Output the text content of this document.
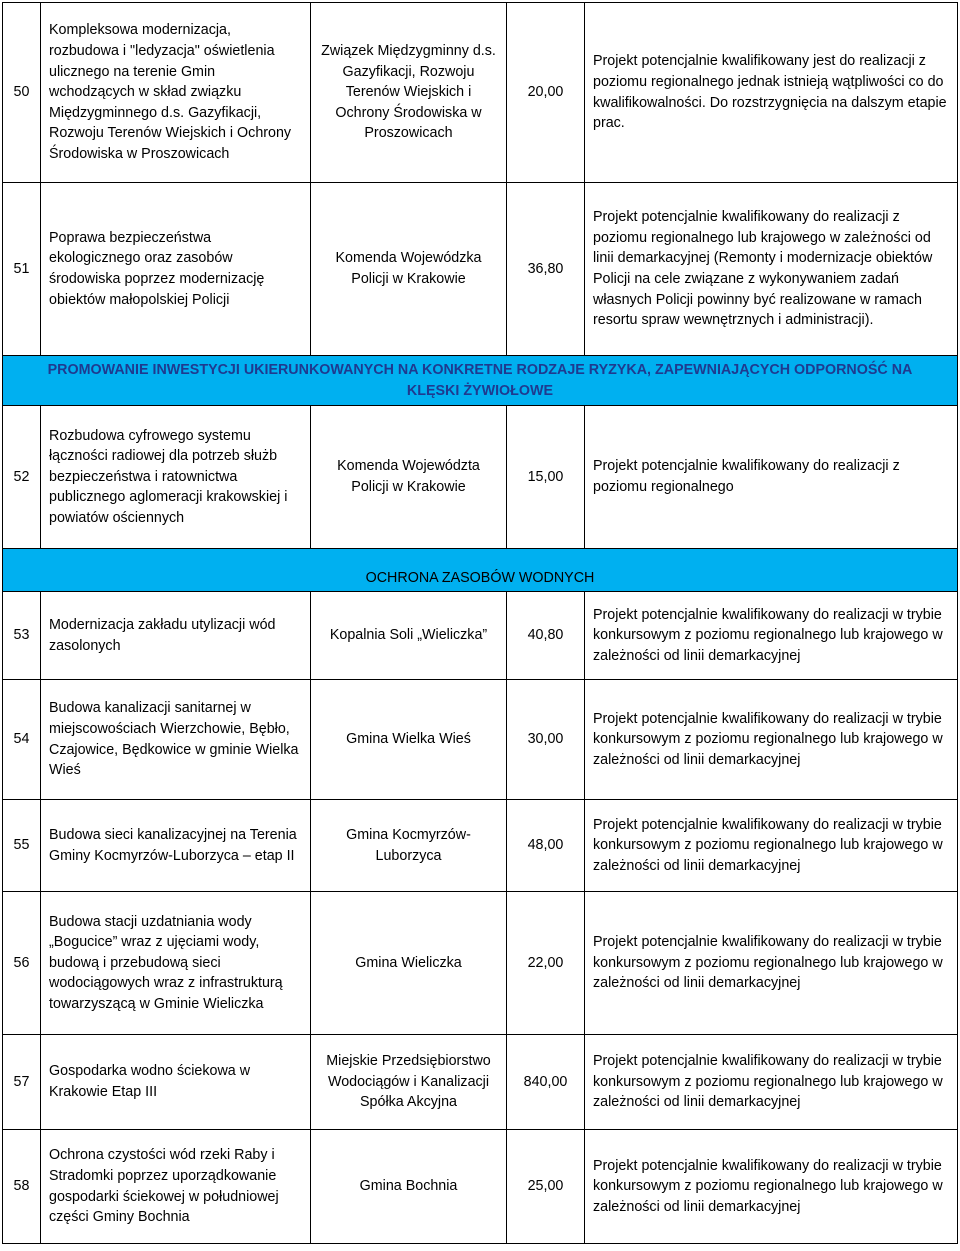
50	Kompleksowa modernizacja, rozbudowa i "ledyzacja" oświetlenia ulicznego na terenie Gmin wchodzących w skład związku Międzygminnego d.s. Gazyfikacji, Rozwoju Terenów Wiejskich i Ochrony Środowiska w Proszowicach	Związek Międzygminny d.s. Gazyfikacji, Rozwoju Terenów Wiejskich i Ochrony Środowiska w Proszowicach	20,00	Projekt potencjalnie kwalifikowany jest do realizacji z poziomu regionalnego jednak istnieją wątpliwości co do kwalifikowalności. Do rozstrzygnięcia na dalszym etapie prac.
51	Poprawa bezpieczeństwa ekologicznego oraz zasobów środowiska poprzez modernizację obiektów małopolskiej Policji	Komenda Wojewódzka Policji w Krakowie	36,80	Projekt potencjalnie kwalifikowany do realizacji z poziomu regionalnego lub krajowego w zależności od linii demarkacyjnej (Remonty i modernizacje obiektów Policji na cele związane z wykonywaniem zadań własnych Policji powinny być realizowane w ramach resortu spraw wewnętrznych i administracji).
PROMOWANIE INWESTYCJI UKIERUNKOWANYCH NA KONKRETNE RODZAJE RYZYKA, ZAPEWNIAJĄCYCH ODPORNOŚĆ NA KLĘSKI ŻYWIOŁOWE				
52	Rozbudowa cyfrowego systemu łączności radiowej dla potrzeb służb bezpieczeństwa i ratownictwa publicznego aglomeracji krakowskiej i powiatów ościennych	Komenda Województa Policji w Krakowie	15,00	Projekt potencjalnie kwalifikowany do realizacji z poziomu regionalnego
OCHRONA ZASOBÓW WODNYCH				
53	Modernizacja zakładu utylizacji wód zasolonych	Kopalnia Soli „Wieliczka”	40,80	Projekt potencjalnie kwalifikowany do realizacji w trybie konkursowym z poziomu regionalnego lub krajowego w zależności od linii demarkacyjnej
54	Budowa kanalizacji sanitarnej w miejscowościach Wierzchowie, Bębło, Czajowice, Będkowice w gminie Wielka Wieś	Gmina Wielka Wieś	30,00	Projekt potencjalnie kwalifikowany do realizacji w trybie konkursowym z poziomu regionalnego lub krajowego w zależności od linii demarkacyjnej
55	Budowa sieci kanalizacyjnej na Terenia Gminy Kocmyrzów-Luborzyca – etap II	Gmina Kocmyrzów-Luborzyca	48,00	Projekt potencjalnie kwalifikowany do realizacji w trybie konkursowym z poziomu regionalnego lub krajowego w zależności od linii demarkacyjnej
56	Budowa stacji uzdatniania wody „Bogucice” wraz z ujęciami wody, budową i przebudową sieci wodociągowych wraz z infrastrukturą towarzyszącą w Gminie Wieliczka	Gmina Wieliczka	22,00	Projekt potencjalnie kwalifikowany do realizacji w trybie konkursowym z poziomu regionalnego lub krajowego w zależności od linii demarkacyjnej
57	Gospodarka wodno ściekowa w Krakowie Etap III	Miejskie Przedsiębiorstwo Wodociągów i Kanalizacji Spółka Akcyjna	840,00	Projekt potencjalnie kwalifikowany do realizacji w trybie konkursowym z poziomu regionalnego lub krajowego w zależności od linii demarkacyjnej
58	Ochrona czystości wód rzeki Raby i Stradomki poprzez uporządkowanie gospodarki ściekowej w południowej części Gminy Bochnia	Gmina Bochnia	25,00	Projekt potencjalnie kwalifikowany do realizacji w trybie konkursowym z poziomu regionalnego lub krajowego w zależności od linii demarkacyjnej
